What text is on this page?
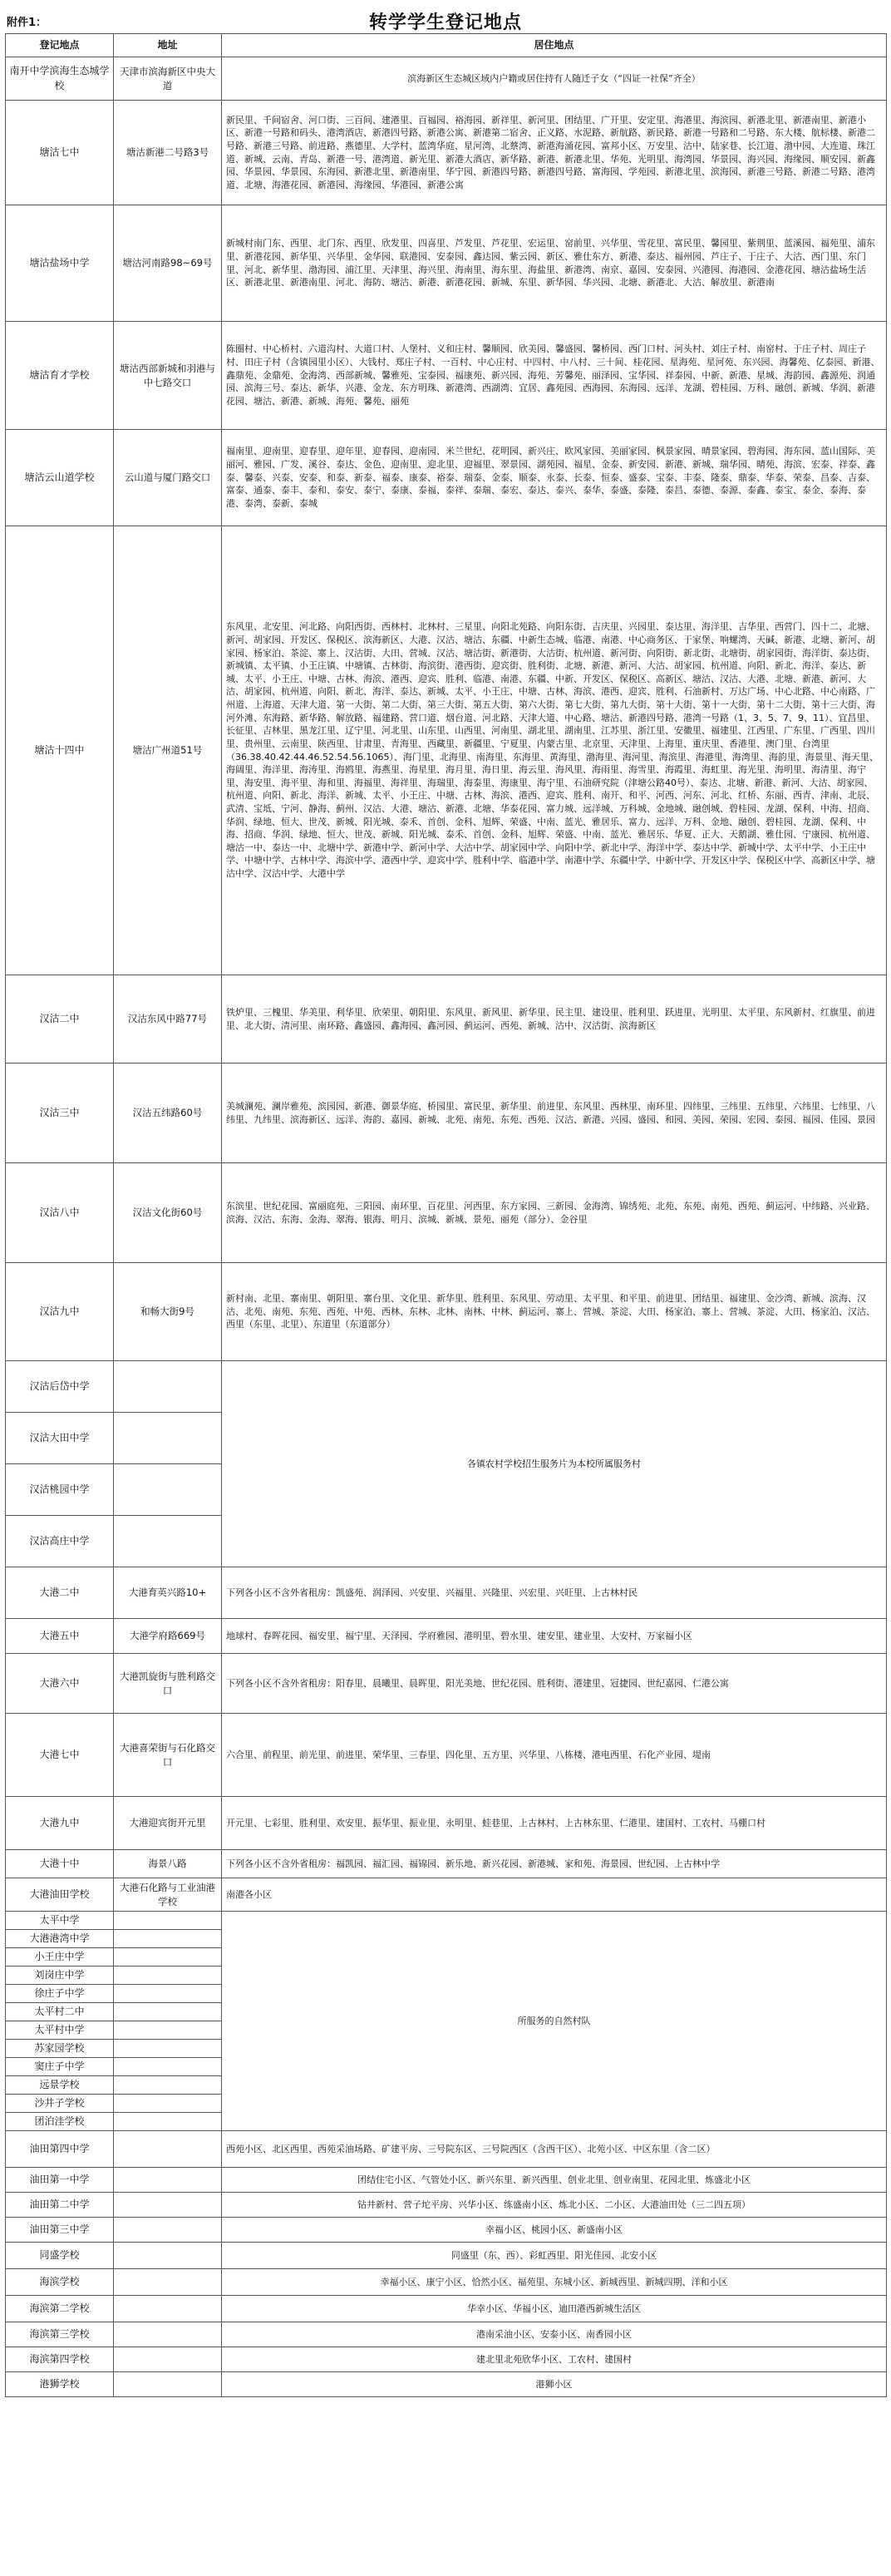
附件1：	转学学生登记地点
登记地点	地址	居住地点
南开中学滨海生态城学校	天津市滨海新区中央大道	滨海新区生态城区域内户籍或居住持有人随迁子女（“四证一社保”齐全）
塘沽七中	塘沽新港二号路3号	新民里、千间宿舍、河口街、三百间、建港里、百福园、裕海园、新祥里、新河里、团结里、广开里、安定里、海港里、海滨园、新港北里、新港南里、新港小区、新港一号路和码头、港湾酒店、新港四号路、新港公寓、新港第二宿舍、正义路、水泥路、新航路、新民路、新港一号路和二号路、东大楼、航标楼、新港二号路、新港三号路、前进路、燕德里、大学村、蓝湾华庭、星河湾、北蔡湾、新港海涌花园、富邦小区、万安里、沽中、陆家巷、长江道、渤中园、大连道、珠江道、新城、云南、青岛、新港一号、港湾道、新光里、新港大酒店、新华路、新港、新港北里、华苑、光明里、海湾园、华景园、海兴园、海缘园、顺安园、新鑫园、华景园、华景园、东海园、新港北里、新港南里、华宁园、新港四号路、新港四号路、富海园、学苑园、新港北里、滨海园、新港三号路、新港二号路、港湾道、北塘、海港花园、新港园、海缘园、华港园、新港公寓
塘沽盐场中学	塘沽河南路98~69号	新城村南门东、西里、北门东、西里、欣发里、四喜里、芦发里、芦花里、宏运里、窑前里、兴华里、雪花里、富民里、馨园里、紫荆里、蓝溪园、福苑里、浦东里、新港花园、新华里、兴华里、金华园、联港园、安泰园、鑫达园、紫云园、新区、雅仕东方、新港、泰达、福州园、芦庄子、于庄子、大沽、西门里、东门里、河北、新华里、渤海园、浦江里、天津里、海兴里、海南里、海东里、海盐里、新港湾、南京、嘉园、安泰园、兴港园、海港园、金港花园、塘沽盐场生活区、新港北里、新港南里、河北、海防、塘沽、新港、新港花园、新城、东里、新华园、华兴园、北塘、新港北、大沽、解放里、新港南
塘沽育才学校	塘沽西部新城和羽港与中七路交口	陈圈村、中心桥村、六道沟村、大道口村、人堡村、义和庄村、馨顺园、欣美园、馨盛园、馨桥园、西门口村、河头村、刘庄子村、南窑村、于庄子村、周庄子村、田庄子村（含镇园里小区）、大钱村、郑庄子村、一百村、中心庄村、中四村、中八村、三十间、桂花园、星海苑、星河苑、东兴园、海馨苑、亿泰园、新港、鑫鼎苑、金鼎苑、金海湾、西部新城、馨雅苑、宝泰园、福康苑、新兴园、海苑、芳馨苑、丽泽园、宝华园、祥泰园、中新、新港、星城、海韵园、鑫源苑、润通园、滨海三号、泰达、新华、兴港、金龙、东方明珠、新港湾、西湖湾、宜居、鑫苑园、西海园、东海园、远洋、龙湖、碧桂园、万科、融创、新城、华润、新港花园、塘沽、新港、新城、海苑、馨苑、丽苑
塘沽云山道学校	云山道与厦门路交口	福南里、迎南里、迎春里、迎年里、迎春园、迎南园、米兰世纪、花明园、新兴庄、欧风家园、美丽家园、枫景家园、晴景家园、碧海园、海东园、蓝山国际、美丽河、雅园、广发、溪谷、泰达、金色、迎南里、迎北里、迎福里、翠景园、湖苑园、福星、金泰、新安园、新港、新城、瑞华园、晴苑、海滨、宏泰、祥泰、鑫泰、馨泰、兴泰、安泰、和泰、新泰、福泰、康泰、裕泰、瑞泰、金泰、顺泰、永泰、长泰、恒泰、盛泰、宝泰、丰泰、隆泰、鼎泰、华泰、荣泰、昌泰、吉泰、富泰、通泰、泰丰、泰和、泰安、泰宁、泰康、泰福、泰祥、泰瑞、泰宏、泰达、泰兴、泰华、泰盛、泰隆、泰昌、泰德、泰源、泰鑫、泰宝、泰金、泰海、泰港、泰湾、泰新、泰城
塘沽十四中	塘沽广州道51号	东风里、北安里、河北路、向阳西街、西林村、北林村、三星里、向阳北苑路、向阳东街、吉庆里、兴园里、泰达里、海洋里、吉华里、西营门、四十二、北塘、新河、胡家园、开发区、保税区、滨海新区、大港、汉沽、塘沽、东疆、中新生态城、临港、南港、中心商务区、于家堡、响螺湾、天碱、新港、北塘、新河、胡家园、杨家泊、茶淀、寨上、汉沽街、大田、营城、汉沽、塘沽街、新港街、大沽街、杭州道、新河街、向阳街、新北街、北塘街、胡家园街、海洋街、泰达街、新城镇、太平镇、小王庄镇、中塘镇、古林街、海滨街、港西街、迎宾街、胜利街、北塘、新港、新河、大沽、胡家园、杭州道、向阳、新北、海洋、泰达、新城、太平、小王庄、中塘、古林、海滨、港西、迎宾、胜利、临港、南港、东疆、中新、开发区、保税区、高新区、塘沽、汉沽、大港、北塘、新港、新河、大沽、胡家园、杭州道、向阳、新北、海洋、泰达、新城、太平、小王庄、中塘、古林、海滨、港西、迎宾、胜利、石油新村、万达广场、中心北路、中心南路、广州道、上海道、天津大道、第一大街、第二大街、第三大街、第五大街、第六大街、第七大街、第九大街、第十大街、第十一大街、第十二大街、第十三大街、海河外滩、东海路、新华路、解放路、福建路、营口道、烟台道、河北路、天津大道、中心路、塘沽、新港四号路、港湾一号路（1、3、5、7、9、11）、宜昌里、长征里、吉林里、黑龙江里、辽宁里、河北里、山东里、山西里、河南里、湖北里、湖南里、江苏里、浙江里、安徽里、福建里、江西里、广东里、广西里、四川里、贵州里、云南里、陕西里、甘肃里、青海里、西藏里、新疆里、宁夏里、内蒙古里、北京里、天津里、上海里、重庆里、香港里、澳门里、台湾里（36.38.40.42.44.46.52.54.56.1065）、海门里、北海里、南海里、东海里、黄海里、渤海里、海河里、海滨里、海港里、海湾里、海韵里、海景里、海天里、海阔里、海洋里、海涛里、海鸥里、海燕里、海星里、海月里、海日里、海云里、海风里、海雨里、海雪里、海霞里、海虹里、海光里、海明里、海清里、海宁里、海安里、海平里、海和里、海福里、海祥里、海瑞里、海泰里、海康里、海宁里、石油研究院（津塘公路40号）、泰达、北塘、新港、新河、大沽、胡家园、杭州道、向阳、新北、海洋、新城、太平、小王庄、中塘、古林、海滨、港西、迎宾、胜利、南开、和平、河西、河东、河北、红桥、东丽、西青、津南、北辰、武清、宝坻、宁河、静海、蓟州、汉沽、大港、塘沽、新港、北塘、华泰花园、富力城、远洋城、万科城、金地城、融创城、碧桂园、龙湖、保利、中海、招商、华润、绿地、恒大、世茂、新城、阳光城、泰禾、首创、金科、旭辉、荣盛、中南、蓝光、雅居乐、富力、远洋、万科、金地、融创、碧桂园、龙湖、保利、中海、招商、华润、绿地、恒大、世茂、新城、阳光城、泰禾、首创、金科、旭辉、荣盛、中南、蓝光、雅居乐、华夏、正大、天鹅湖、雅仕园、宁康园、杭州道、塘沽一中、泰达一中、北塘中学、新港中学、新河中学、大沽中学、胡家园中学、向阳中学、新北中学、海洋中学、泰达中学、新城中学、太平中学、小王庄中学、中塘中学、古林中学、海滨中学、港西中学、迎宾中学、胜利中学、临港中学、南港中学、东疆中学、中新中学、开发区中学、保税区中学、高新区中学、塘沽中学、汉沽中学、大港中学
汉沽二中	汉沽东风中路77号	铁炉里、三槐里、华美里、利华里、欣荣里、朝阳里、东风里、新风里、新华里、民主里、建设里、胜利里、跃进里、光明里、太平里、东风新村、红旗里、前进里、北大街、清河里、南环路、鑫盛园、鑫海园、鑫河园、蓟运河、西苑、新城、沽中、汉沽街、滨海新区
汉沽三中	汉沽五纬路60号	美城澜苑、澜岸雅苑、滨园园、新港、御景华庭、桥园里、富民里、新华里、前进里、东风里、西林里、南环里、四纬里、三纬里、五纬里、六纬里、七纬里、八纬里、九纬里、滨海新区、远洋、海韵、嘉园、新城、北苑、南苑、东苑、西苑、汉沽、新港、兴园、盛园、和园、美园、荣园、宏园、泰园、福园、佳园、景园
汉沽八中	汉沽文化街60号	东滨里、世纪花园、富丽庭苑、三阳园、南环里、百花里、河西里、东方家园、三新园、金海湾、锦绣苑、北苑、东苑、南苑、西苑、蓟运河、中纬路、兴业路、滨海、汉沽、东海、金海、翠海、银海、明月、滨城、新城、景苑、丽苑（部分）、金谷里
汉沽九中	和畅大街9号	新村南、北里、寨南里、朝阳里、寨台里、文化里、新华里、胜利里、东风里、劳动里、太平里、和平里、前进里、团结里、福建里、金沙湾、新城、滨海、汉沽、北苑、南苑、东苑、西苑、中苑、西林、东林、北林、南林、中林、蓟运河、寨上、营城、茶淀、大田、杨家泊、寨上、营城、茶淀、大田、杨家泊、汉沽、西里（东里、北里）、东道里（东道部分）
汉沽后岱中学		各镇农村学校招生服务片为本校所属服务村
汉沽大田中学		
汉沽桃园中学		
汉沽高庄中学		
大港二中	大港育英兴路10+	下列各小区不含外省租房：凯盛苑、润泽园、兴安里、兴福里、兴隆里、兴宏里、兴旺里、上古林村民
大港五中	大港学府路669号	地球村、春晖花园、福安里、福宁里、天泽园、学府雅园、港明里、碧水里、建安里、建业里、大安村、万家福小区
大港六中	大港凯旋街与胜利路交口	下列各小区不含外省租房：阳春里、晨曦里、晨晖里、阳光美地、世纪花园、胜利街、港建里、冠捷园、世纪嘉园、仁港公寓
大港七中	大港喜荣街与石化路交口	六合里、前程里、前光里、前进里、荣华里、三春里、四化里、五方里、兴华里、八栋楼、港电西里、石化产业园、堤南
大港九中	大港迎宾街开元里	开元里、七彩里、胜利里、欢安里、振华里、振业里、永明里、蛙巷里、上古林村、上古林东里、仁港里、建国村、工农村、马棚口村
大港十中	海景八路	下列各小区不含外省租房：福凯园、福汇园、福锦园、新乐地、新兴花园、新港城、家和苑、海景园、世纪园、上古林中学
大港油田学校	大港石化路与工业油港学校	南港各小区
太平中学		所服务的自然村队
大港港湾中学		
小王庄中学		
刘岗庄中学		
徐庄子中学		
太平村二中		
太平村中学		
苏家园学校		
窦庄子中学		
远景学校		
沙井子学校		
团泊洼学校		
油田第四中学		西苑小区、北区西里、西苑采油场路、矿建平房、三号院东区、三号院西区（含西干区）、北苑小区、中区东里（含二区）
油田第一中学		团结住宅小区、气管处小区、新兴东里、新兴西里、创业北里、创业南里、花园北里、炼盛北小区
油田第二中学		钻井新村、营子坨平房、兴华小区、练盛南小区、炼北小区、二小区、大港油田处（三二四五项）
油田第三中学		幸福小区、桃园小区、新盛南小区
同盛学校		同盛里（东、西）、彩虹西里、阳光佳园、北安小区
海滨学校		幸福小区、康宁小区、恰然小区、福苑里、东城小区、新城西里、新城四期、洋和小区
海滨第二学校		华幸小区、华福小区、迪田港西新城生活区
海滨第三学校		港南采油小区、安泰小区、南香园小区
海滨第四学校		建北里北苑欣华小区、工农村、建国村
港狮学校		港狮小区
